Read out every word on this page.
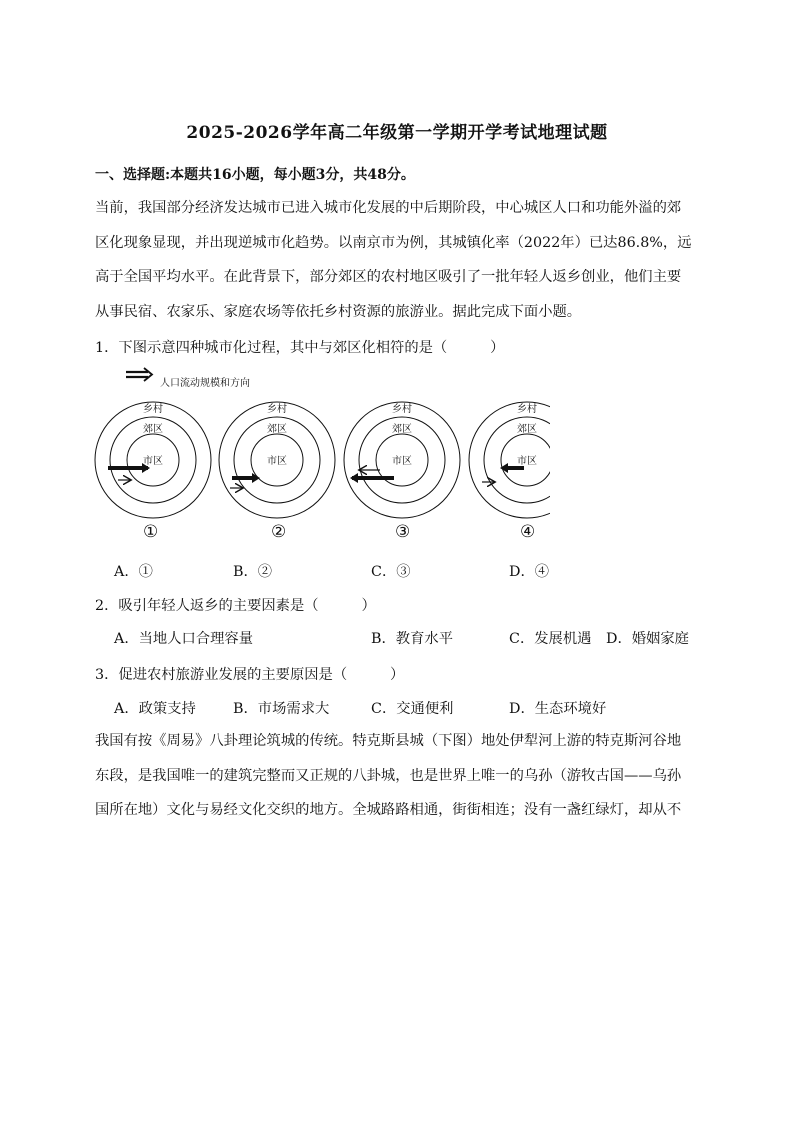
2025-2026学年高二年级第一学期开学考试地理试题
一、选择题:本题共16小题，每小题3分，共48分。
当前，我国部分经济发达城市已进入城市化发展的中后期阶段，中心城区人口和功能外溢的郊
区化现象显现，并出现逆城市化趋势。以南京市为例，其城镇化率（2022年）已达86.8%，远
高于全国平均水平。在此背景下，部分郊区的农村地区吸引了一批年轻人返乡创业，他们主要
从事民宿、农家乐、家庭农场等依托乡村资源的旅游业。据此完成下面小题。
1．下图示意四种城市化过程，其中与郊区化相符的是（　　　）
乡村
郊区
市区
乡村
郊区
市区
乡村
郊区
市区
乡村
郊区
市区
人口流动规模和方向
①	②	③	④
A．①	B．②	C．③	D．④
2．吸引年轻人返乡的主要因素是（　　　）
A．当地人口合理容量	B．教育水平	C．发展机遇 D．婚姻家庭
3．促进农村旅游业发展的主要原因是（　　　）
A．政策支持	B．市场需求大	C．交通便利	D．生态环境好
我国有按《周易》八卦理论筑城的传统。特克斯县城（下图）地处伊犁河上游的特克斯河谷地
东段，是我国唯一的建筑完整而又正规的八卦城，也是世界上唯一的乌孙（游牧古国——乌孙
国所在地）文化与易经文化交织的地方。全城路路相通，街街相连；没有一盏红绿灯，却从不
